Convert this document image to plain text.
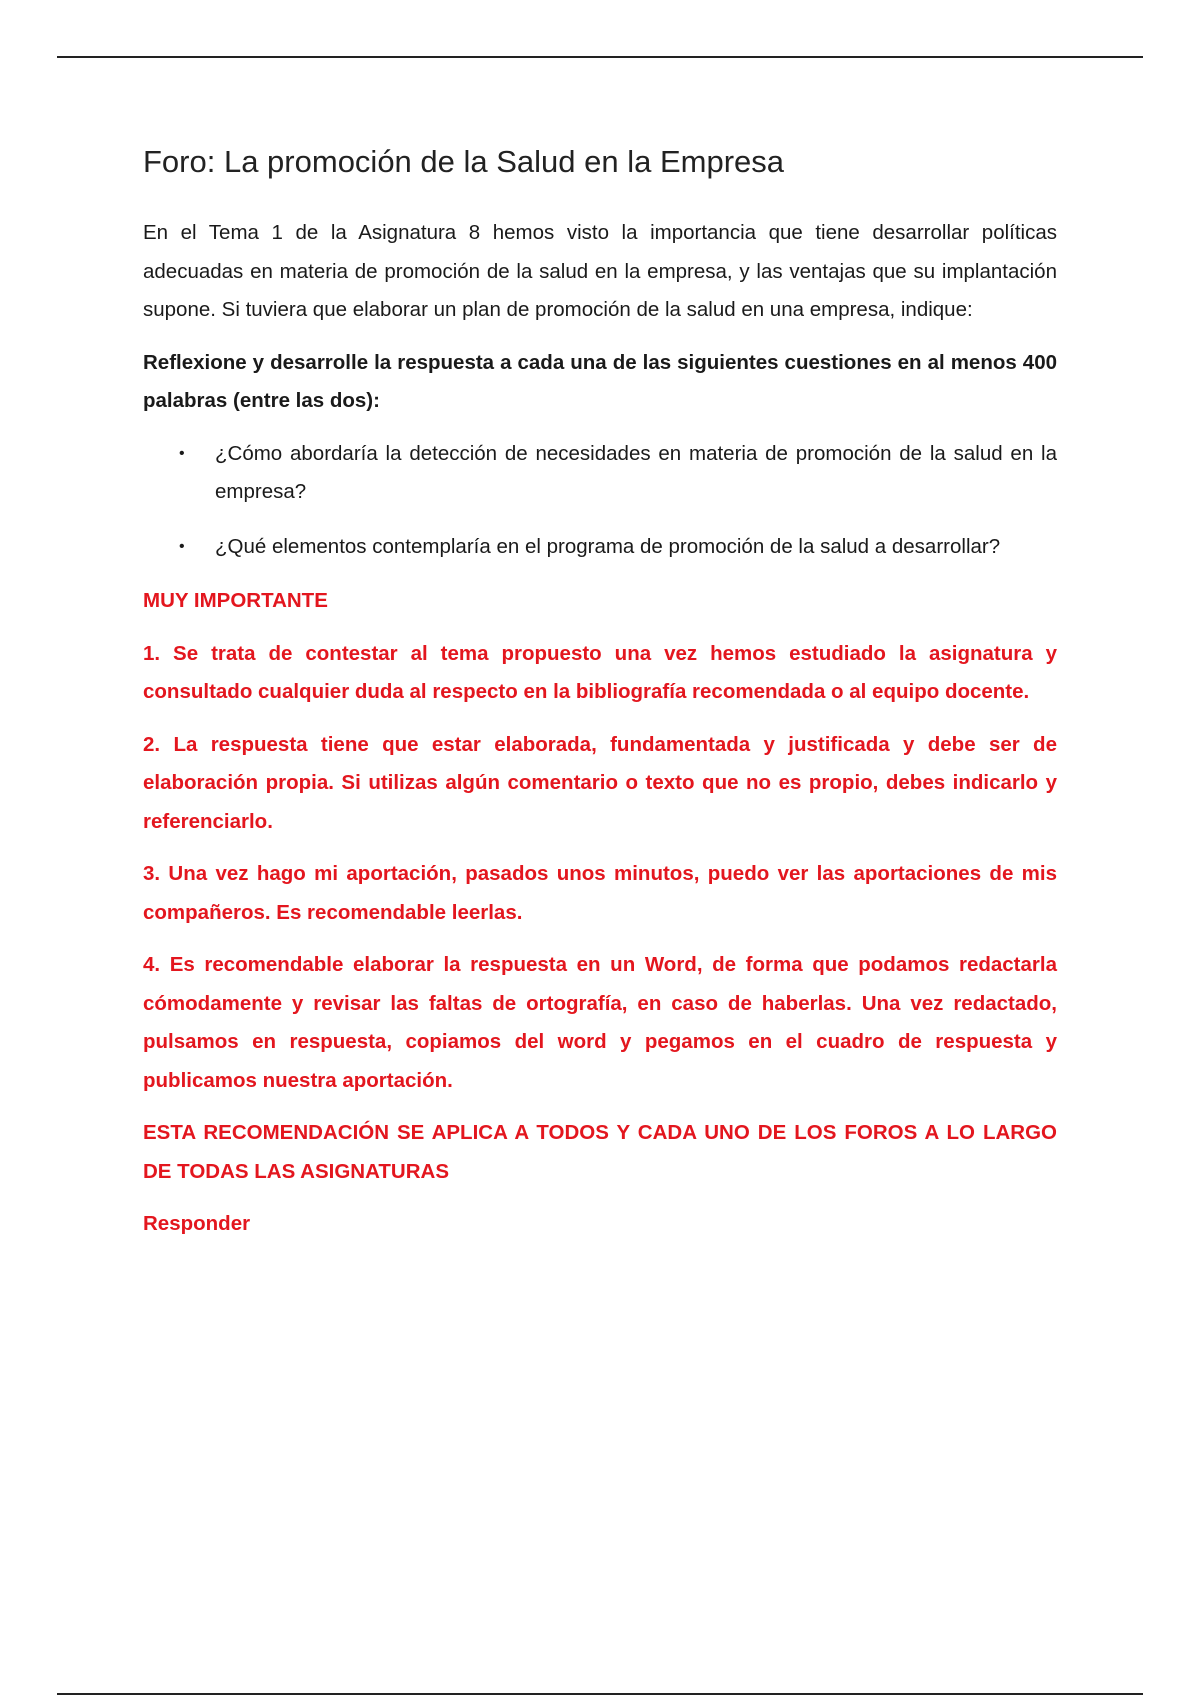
Foro: La promoción de la Salud en la Empresa

En el Tema 1 de la Asignatura 8 hemos visto la importancia que tiene desarrollar políticas adecuadas en materia de promoción de la salud en la empresa, y las ventajas que su implantación supone. Si tuviera que elaborar un plan de promoción de la salud en una empresa, indique:

Reflexione y desarrolle la respuesta a cada una de las siguientes cuestiones en al menos 400 palabras (entre las dos):

• ¿Cómo abordaría la detección de necesidades en materia de promoción de la salud en la empresa?
• ¿Qué elementos contemplaría en el programa de promoción de la salud a desarrollar?

MUY IMPORTANTE

1. Se trata de contestar al tema propuesto una vez hemos estudiado la asignatura y consultado cualquier duda al respecto en la bibliografía recomendada o al equipo docente.

2. La respuesta tiene que estar elaborada, fundamentada y justificada y debe ser de elaboración propia. Si utilizas algún comentario o texto que no es propio, debes indicarlo y referenciarlo.

3. Una vez hago mi aportación, pasados unos minutos, puedo ver las aportaciones de mis compañeros. Es recomendable leerlas.

4. Es recomendable elaborar la respuesta en un Word, de forma que podamos redactarla cómodamente y revisar las faltas de ortografía, en caso de haberlas. Una vez redactado, pulsamos en respuesta, copiamos del word y pegamos en el cuadro de respuesta y publicamos nuestra aportación.

ESTA RECOMENDACIÓN SE APLICA A TODOS Y CADA UNO DE LOS FOROS A LO LARGO DE TODAS LAS ASIGNATURAS

Responder
